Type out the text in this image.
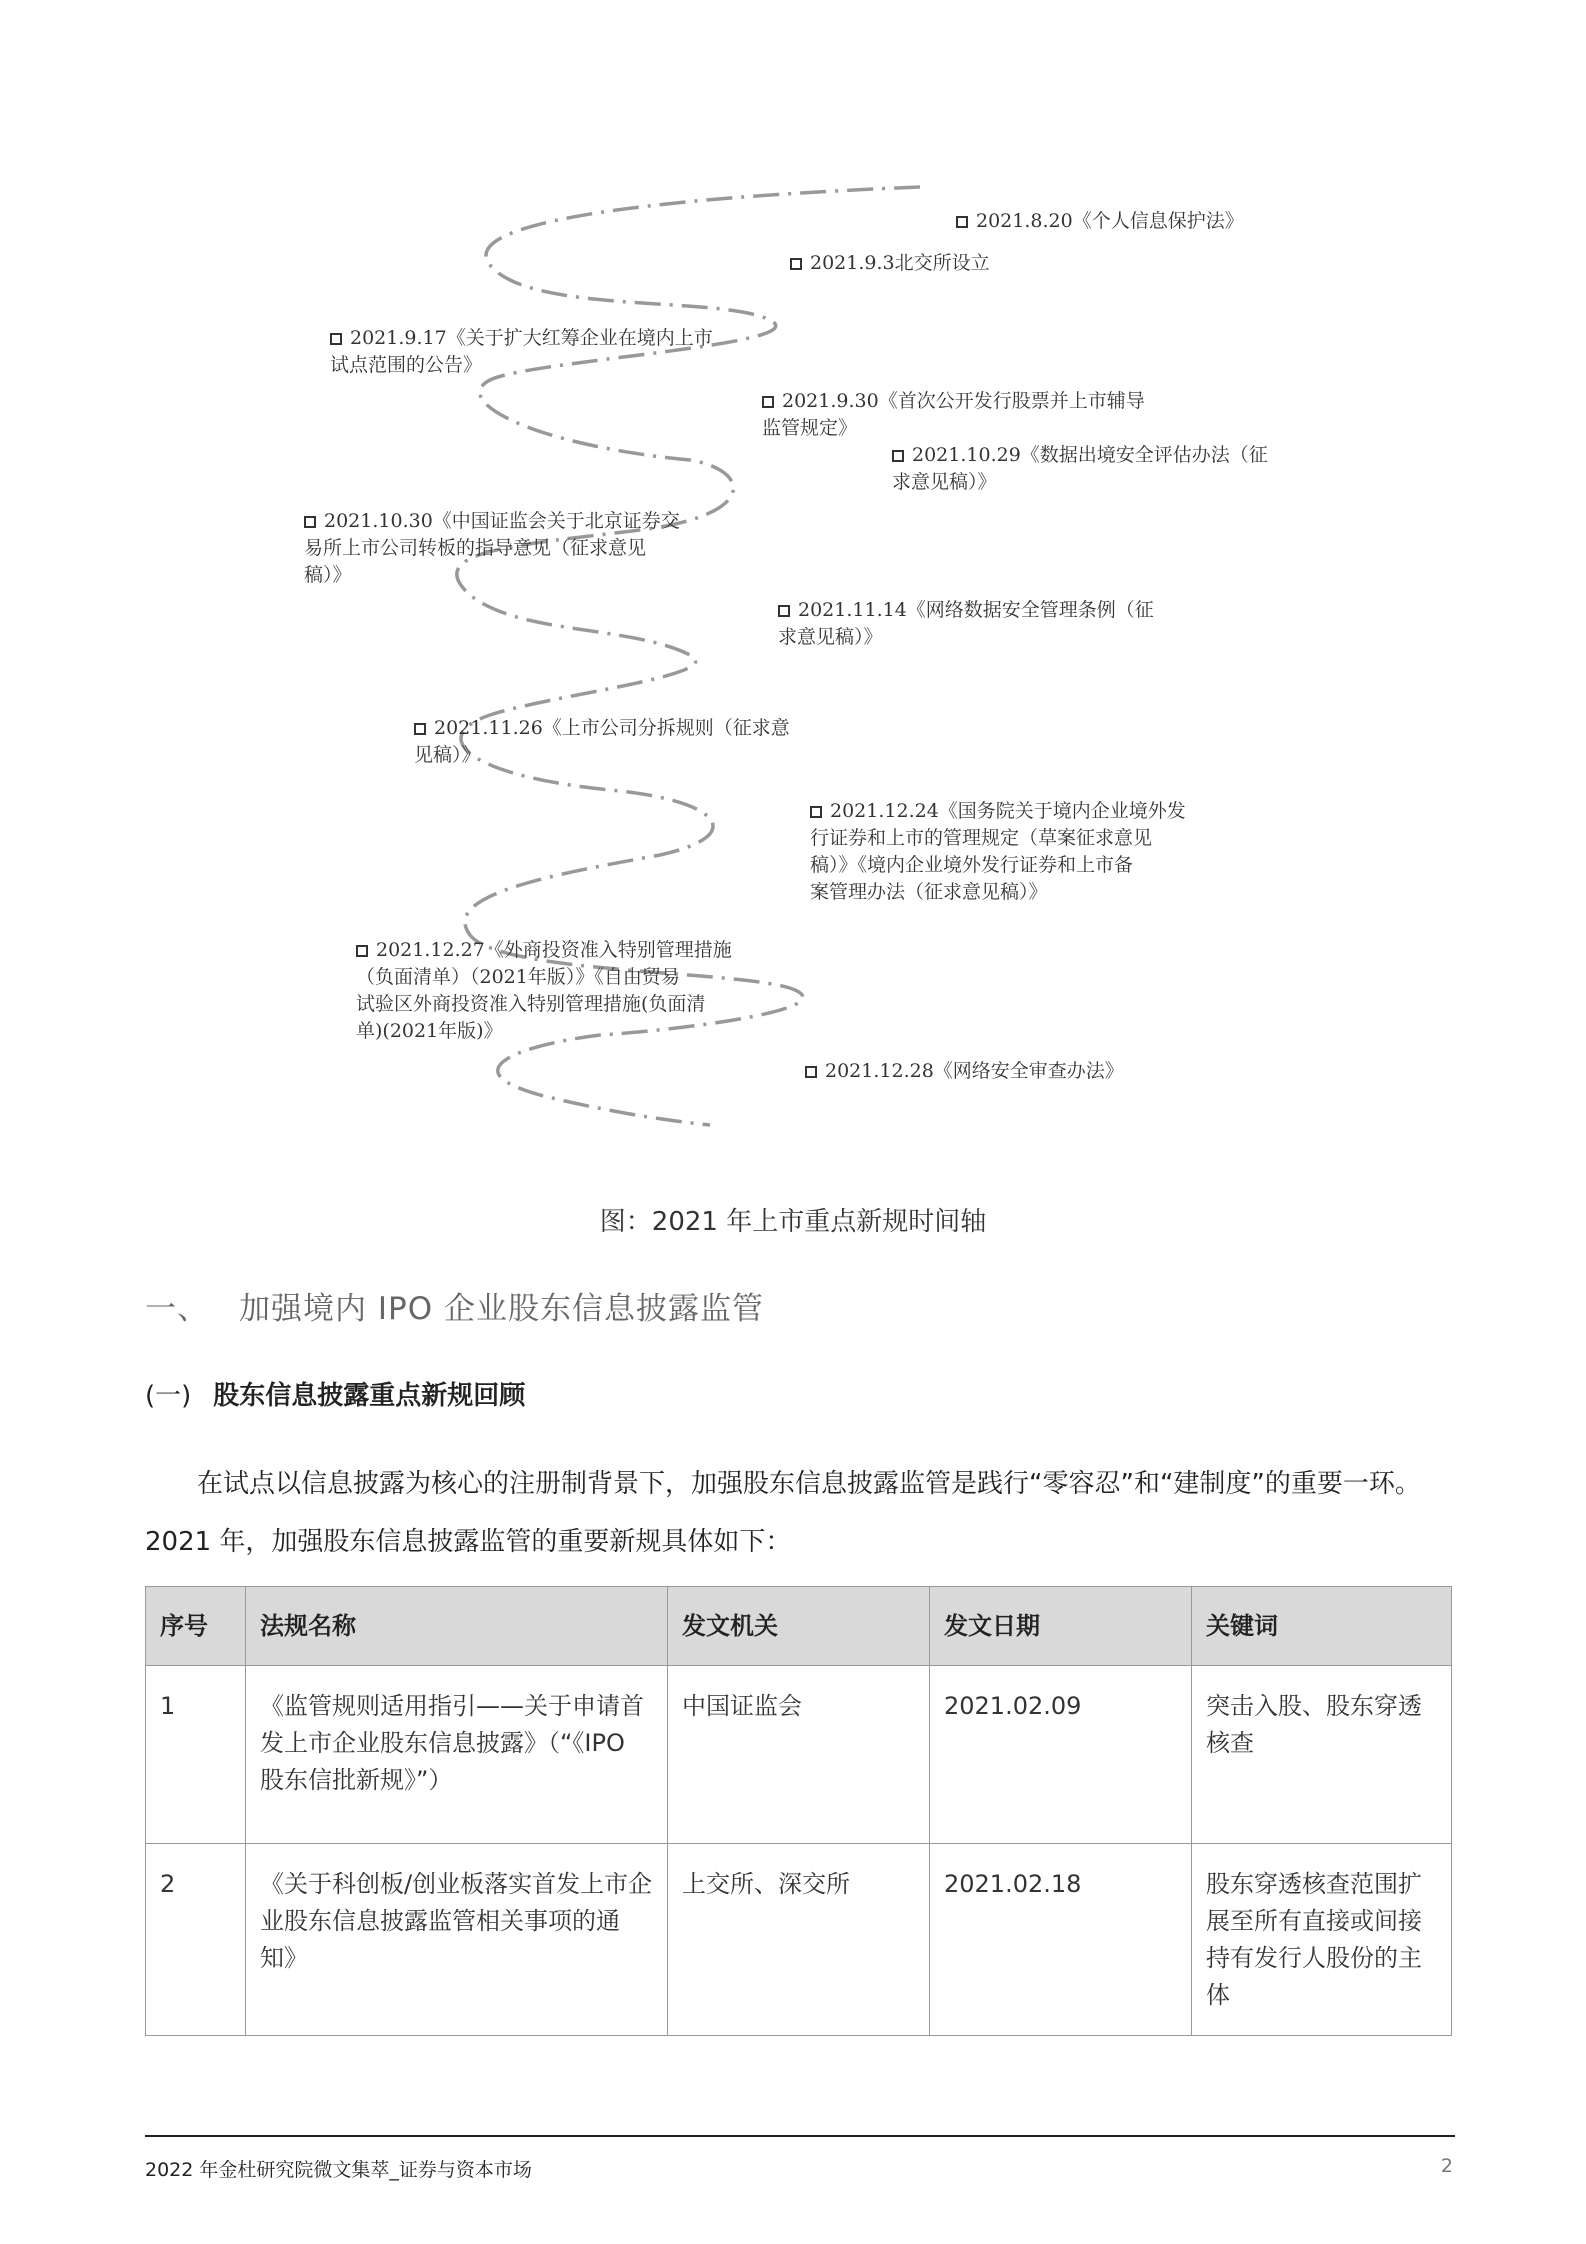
2021.8.20《个人信息保护法》
2021.9.3北交所设立
2021.9.17《关于扩大红筹企业在境内上市
试点范围的公告》
2021.9.30《首次公开发行股票并上市辅导
监管规定》
2021.10.29《数据出境安全评估办法（征
求意见稿）》
2021.10.30《中国证监会关于北京证券交
易所上市公司转板的指导意见（征求意见
稿）》
2021.11.14《网络数据安全管理条例（征
求意见稿）》
2021.11.26《上市公司分拆规则（征求意
见稿）》
2021.12.24《国务院关于境内企业境外发
行证券和上市的管理规定（草案征求意见
稿）》《境内企业境外发行证券和上市备
案管理办法（征求意见稿）》
2021.12.27《外商投资准入特别管理措施
（负面清单）（2021年版）》《自由贸易
试验区外商投资准入特别管理措施(负面清
单)(2021年版)》
2021.12.28《网络安全审查办法》
图：2021 年上市重点新规时间轴
一、 加强境内 IPO 企业股东信息披露监管
(一) 股东信息披露重点新规回顾
在试点以信息披露为核心的注册制背景下，加强股东信息披露监管是践行“零容忍”和“建制度”的重要一环。2021 年，加强股东信息披露监管的重要新规具体如下：
序号	法规名称	发文机关	发文日期	关键词
1	《监管规则适用指引——关于申请首发上市企业股东信息披露》（“《IPO 股东信批新规》”）	中国证监会	2021.02.09	突击入股、股东穿透核查
2	《关于科创板/创业板落实首发上市企业股东信息披露监管相关事项的通知》	上交所、深交所	2021.02.18	股东穿透核查范围扩展至所有直接或间接持有发行人股份的主体
2022 年金杜研究院微文集萃_证券与资本市场	2
